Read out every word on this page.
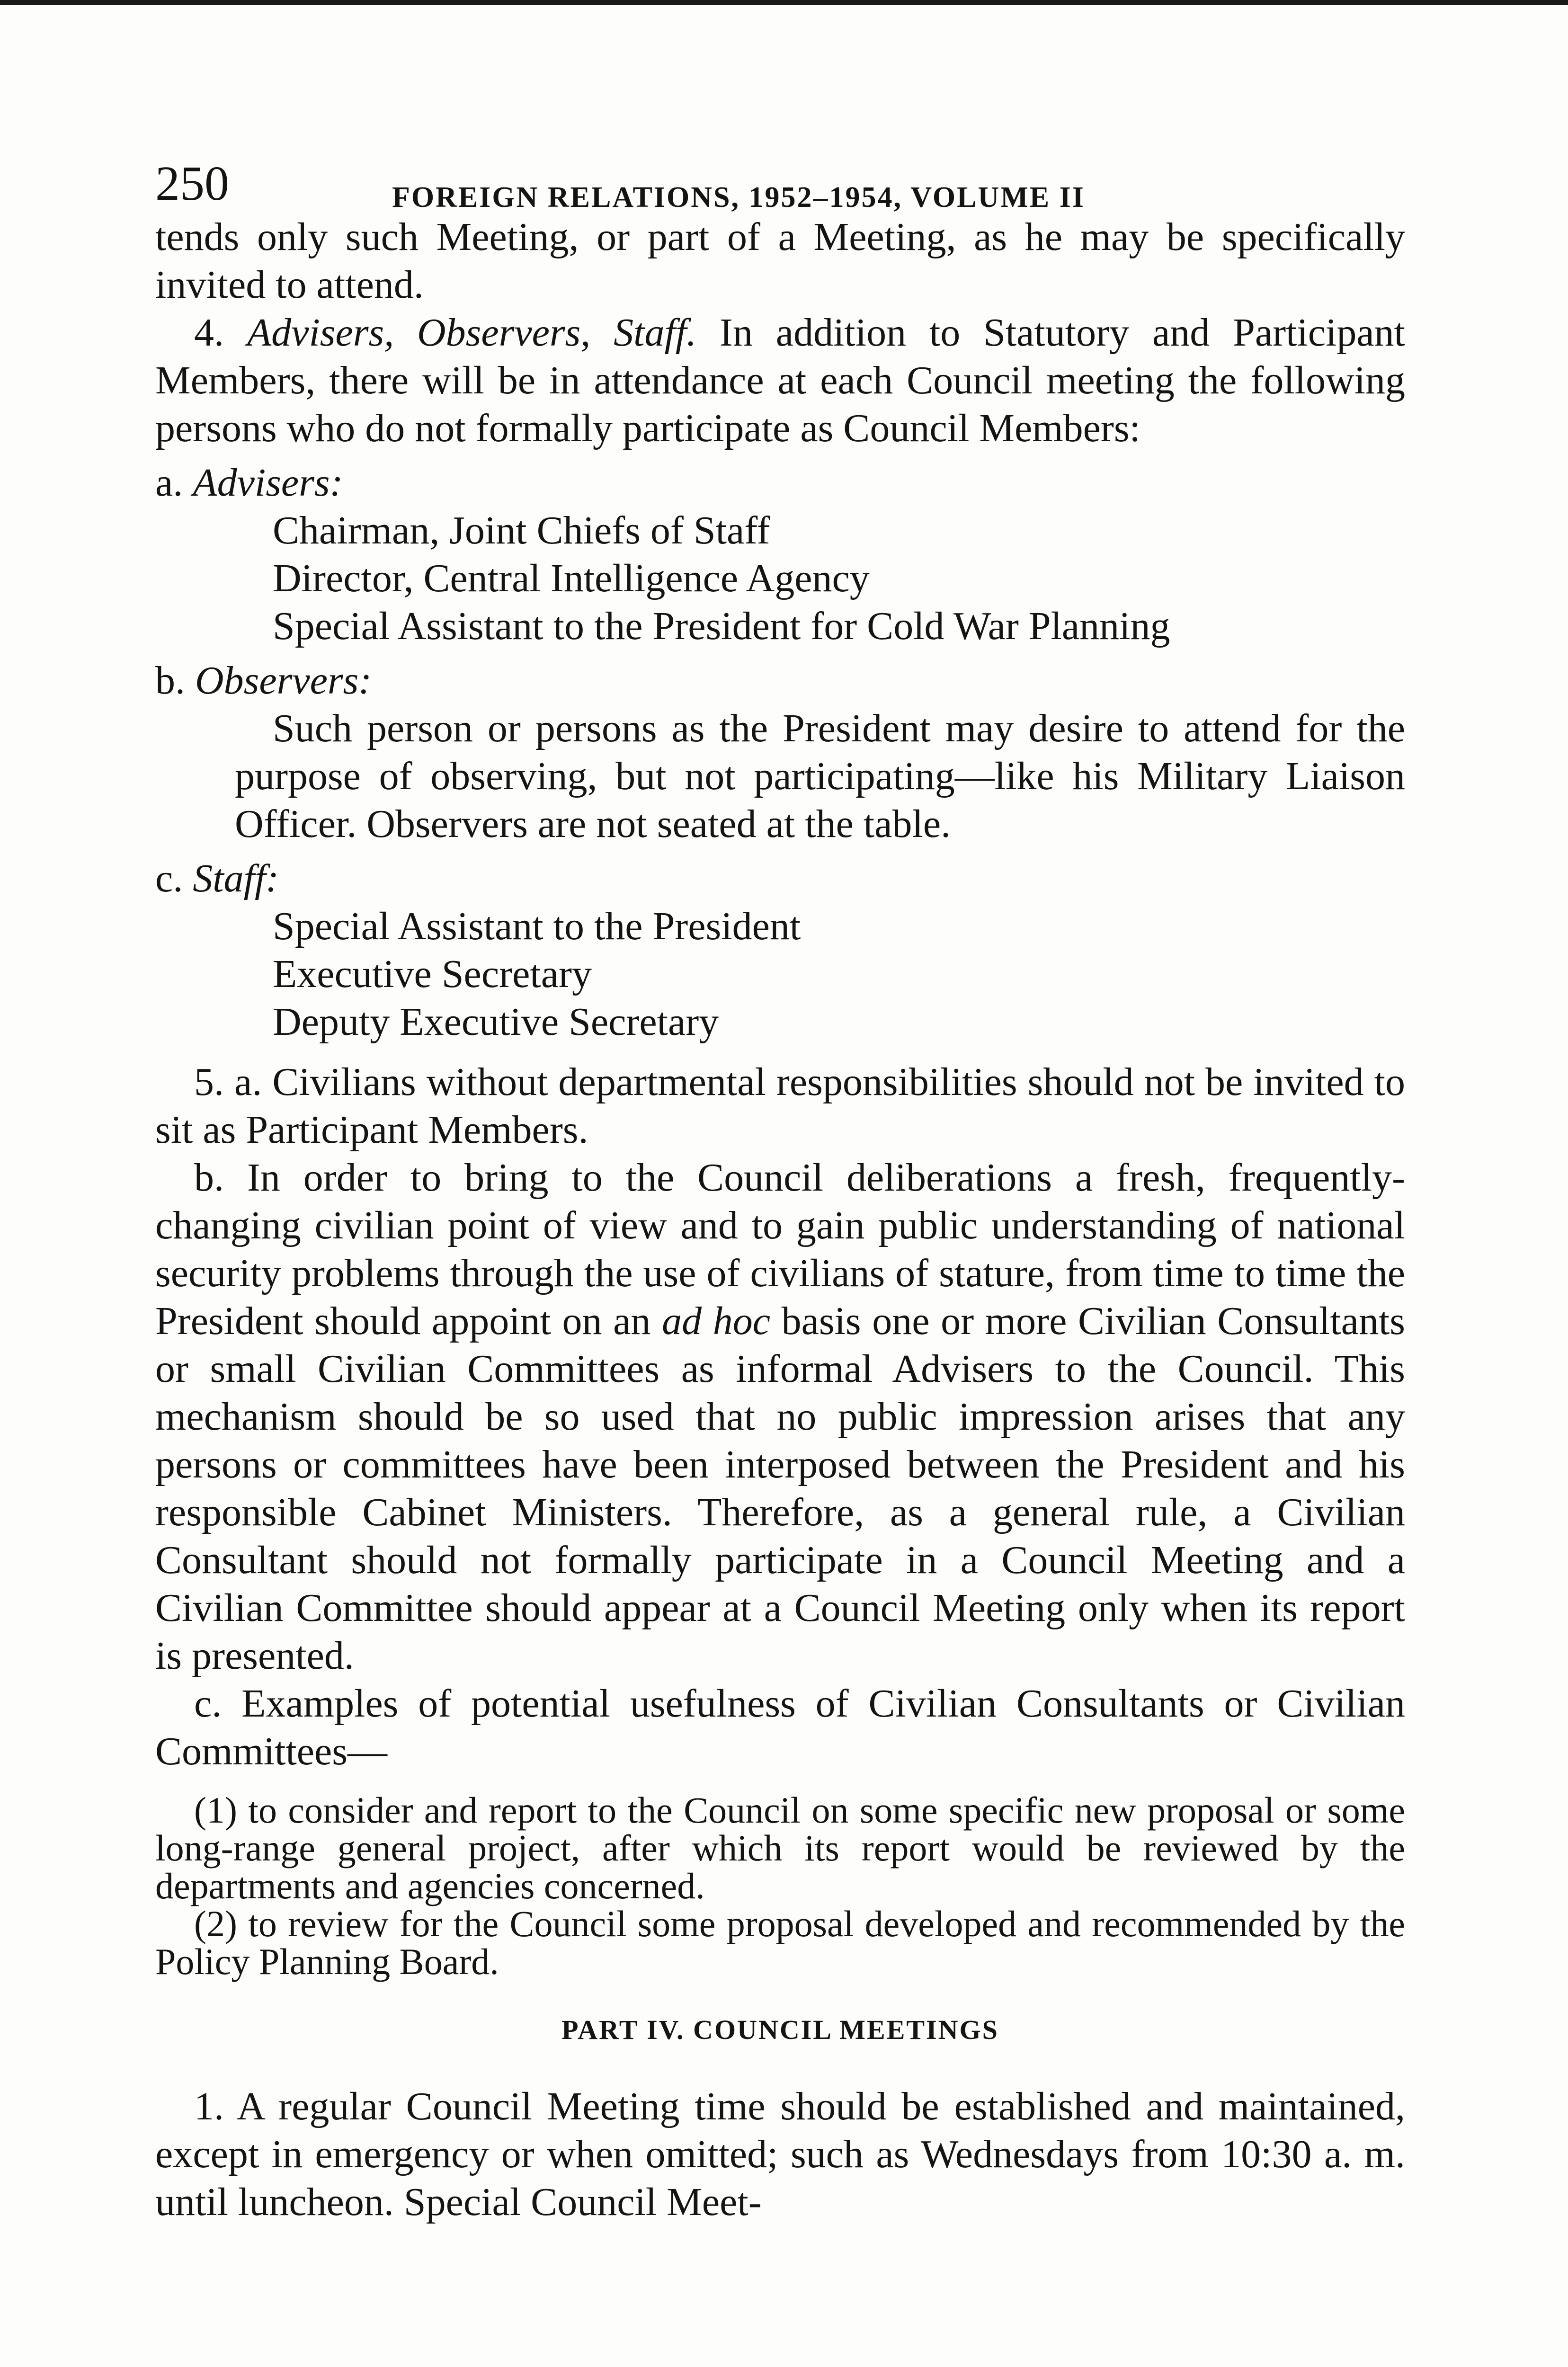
250	FOREIGN RELATIONS, 1952–1954, VOLUME II

tends only such Meeting, or part of a Meeting, as he may be specifically invited to attend.

4. Advisers, Observers, Staff. In addition to Statutory and Participant Members, there will be in attendance at each Council meeting the following persons who do not formally participate as Council Members:

a. Advisers:

Chairman, Joint Chiefs of Staff

Director, Central Intelligence Agency

Special Assistant to the President for Cold War Planning

b. Observers:

Such person or persons as the President may desire to attend for the purpose of observing, but not participating—like his Military Liaison Officer. Observers are not seated at the table.

c. Staff:

Special Assistant to the President

Executive Secretary

Deputy Executive Secretary

5. a. Civilians without departmental responsibilities should not be invited to sit as Participant Members.

b. In order to bring to the Council deliberations a fresh, frequently-changing civilian point of view and to gain public understanding of national security problems through the use of civilians of stature, from time to time the President should appoint on an ad hoc basis one or more Civilian Consultants or small Civilian Committees as informal Advisers to the Council. This mechanism should be so used that no public impression arises that any persons or committees have been interposed between the President and his responsible Cabinet Ministers. Therefore, as a general rule, a Civilian Consultant should not formally participate in a Council Meeting and a Civilian Committee should appear at a Council Meeting only when its report is presented.

c. Examples of potential usefulness of Civilian Consultants or Civilian Committees—

(1) to consider and report to the Council on some specific new proposal or some long-range general project, after which its report would be reviewed by the departments and agencies concerned.

(2) to review for the Council some proposal developed and recommended by the Policy Planning Board.

PART IV. COUNCIL MEETINGS

1. A regular Council Meeting time should be established and maintained, except in emergency or when omitted; such as Wednesdays from 10:30 a. m. until luncheon. Special Council Meet-
